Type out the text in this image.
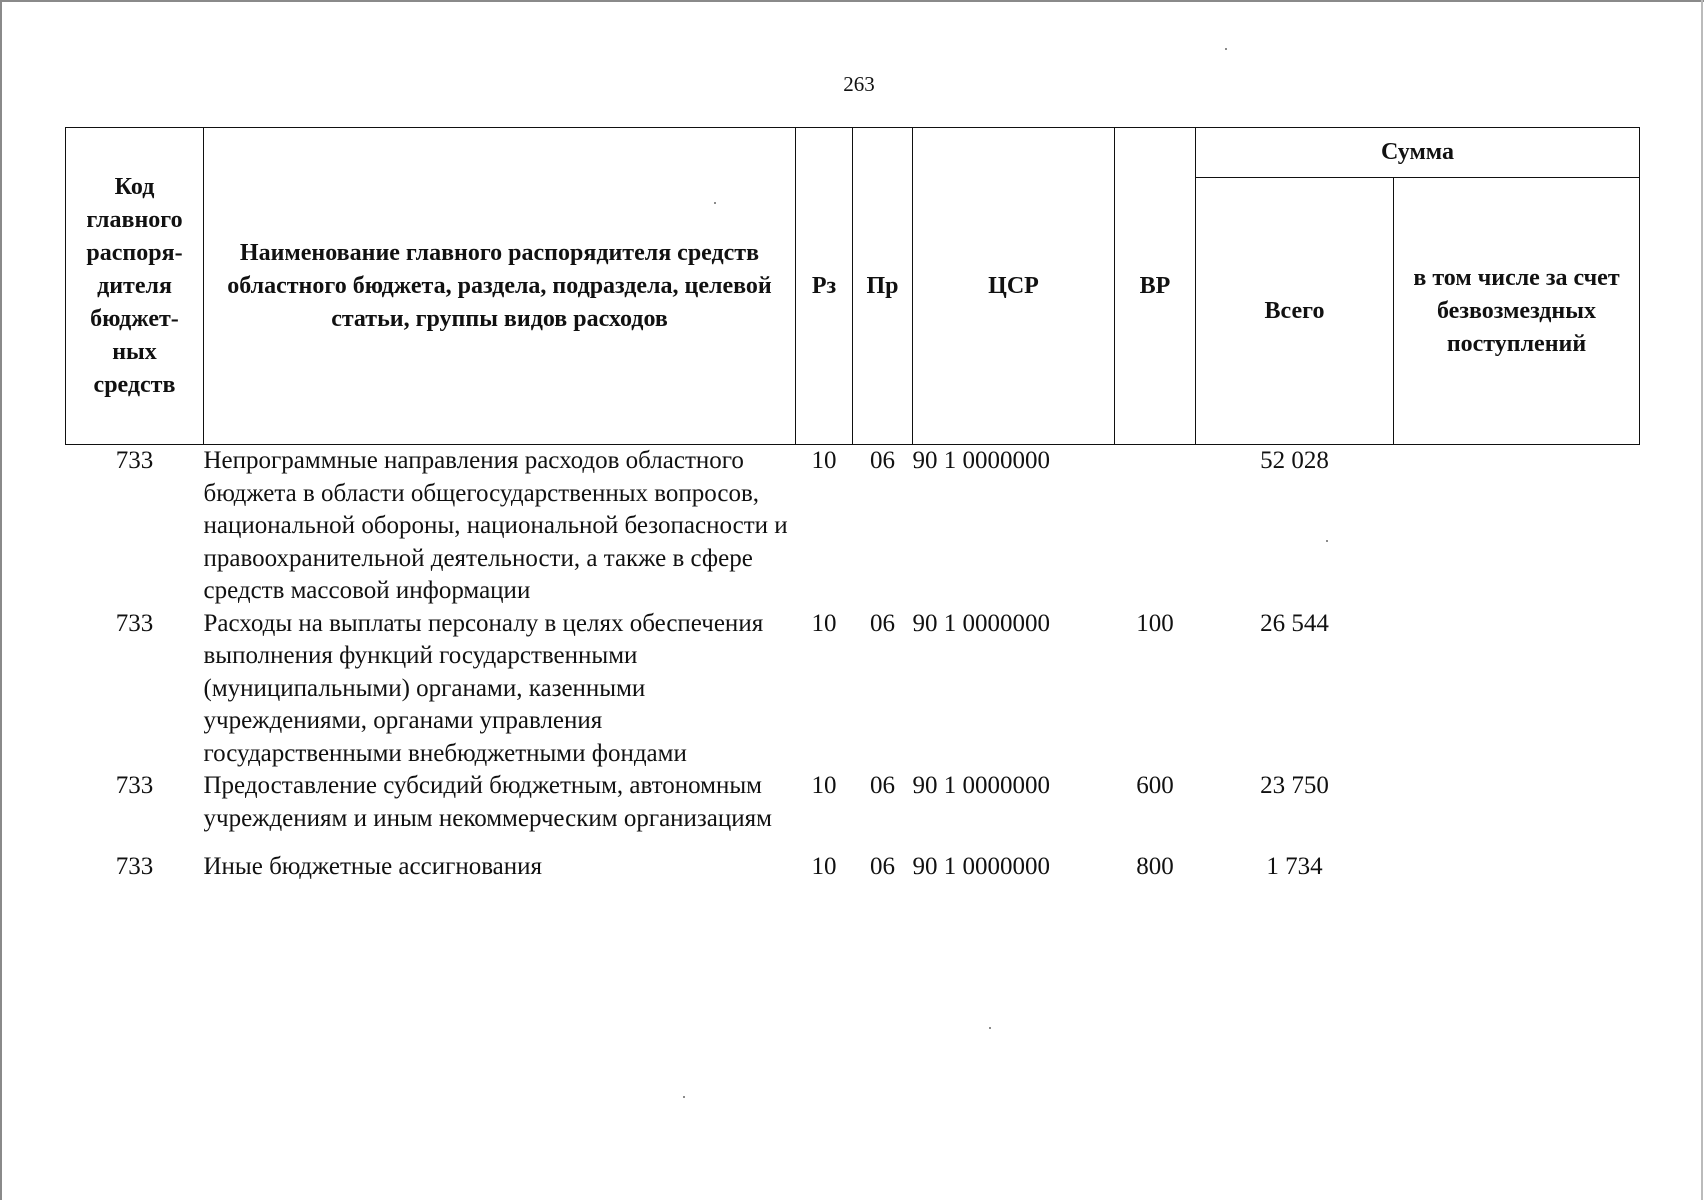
263
Код главного распоря-дителя бюджет-ных средств	Наименование главного распорядителя средств областного бюджета, раздела, подраздела, целевой статьи, группы видов расходов	Рз	Пр	ЦСР	ВР	Сумма	
						Всего	в том числе за счет безвозмездных поступлений
733	Непрограммные направления расходов областного бюджета в области общегосударственных вопросов, национальной обороны, национальной безопасности и правоохранительной деятельности, а также в сфере средств массовой информации	10	06	90 1 0000000		52 028	
733	Расходы на выплаты персоналу в целях обеспечения выполнения функций государственными (муниципальными) органами, казенными учреждениями, органами управления государственными внебюджетными фондами	10	06	90 1 0000000	100	26 544	
733	Предоставление субсидий бюджетным, автономным учреждениям и иным некоммерческим организациям	10	06	90 1 0000000	600	23 750	
733	Иные бюджетные ассигнования	10	06	90 1 0000000	800	1 734	
